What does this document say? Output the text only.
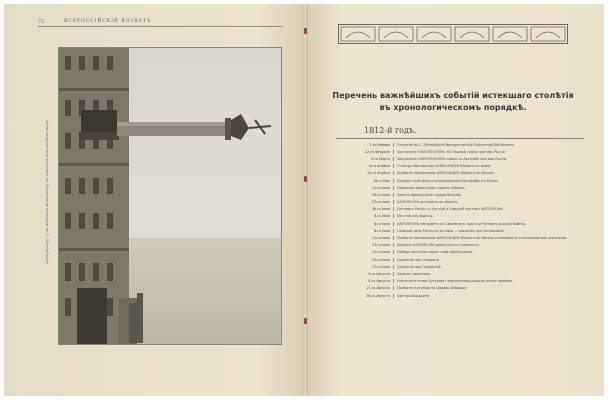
72	ВСЕРОССІЙСКІЙ ВОЗВАТЪ
Александровская колонна на Дворцовой площади въ С.-Петербургѣ
Перечень важнѣйшихъ событій истекшаго столѣтія
въ хронологическомъ порядкѣ.
1812-й годъ.
2-го Января	Открытіе въ С.-Петербургѣ Императорской Публичной Библіотеки.
12-го Февраля	Заключеніе НАПОЛЕОНОМЪ въ Парижѣ союза противъ Россіи.
2-го Марта	Заключеніе НАПОЛЕОНОМЪ союза съ Австріей противъ Россіи.
9-го Апрѣля	Отъѣздъ Императора АЛЕКСАНДРА Перваго къ арміи.
14-го Апрѣля	Прибытіе Императора АЛЕКСАНДРА Перваго въ Вильну.
16-го Мая	Бухарестскій миръ и присоединеніе Бессарабіи къ Россіи.
12-го Іюня	Переходъ французовъ черезъ Нѣманъ.
16-го Іюня	Занятіе французами города Вильны.
27-го Іюня	НАПОЛЕОНЪ вступаетъ въ Вильну.
30-го Іюня	Договоръ Россіи съ Англіей и Швеціей противъ НАПОЛЕОНА.
5-го Іюля	Бѣгство изъ Дриссы.
6-го Іюля	НАПОЛЕОНЪ нападаетъ на Смоленскъ; врагъ оттѣсняетъ русскія войска.
8-го Іюля	Славный день Россіи въ исторіи — сраженіе при Салтановкѣ.
11-го Іюля	Прибытіе Императора АЛЕКСАНДРА Перваго въ Москву и манифестъ о всенародномъ ополченіи.
15-го Іюля	Приказъ НАПОЛЕОНА двинуться къ Смоленску.
21-го Іюля	Побѣда при Клястицахъ надъ французами.
23-го Іюля	Сраженіе при Островнѣ.
27-го Іюля	Сраженіе при Городечнѣ.
5-го Августа	Защита Смоленска.
8-го Августа	Назначеніе князя Кутузова главнокомандующимъ всѣми арміями.
17-го Августа	Прибытіе Кутузова въ Царево-Займище.
26-го Августа	Бой при Бородинѣ.
